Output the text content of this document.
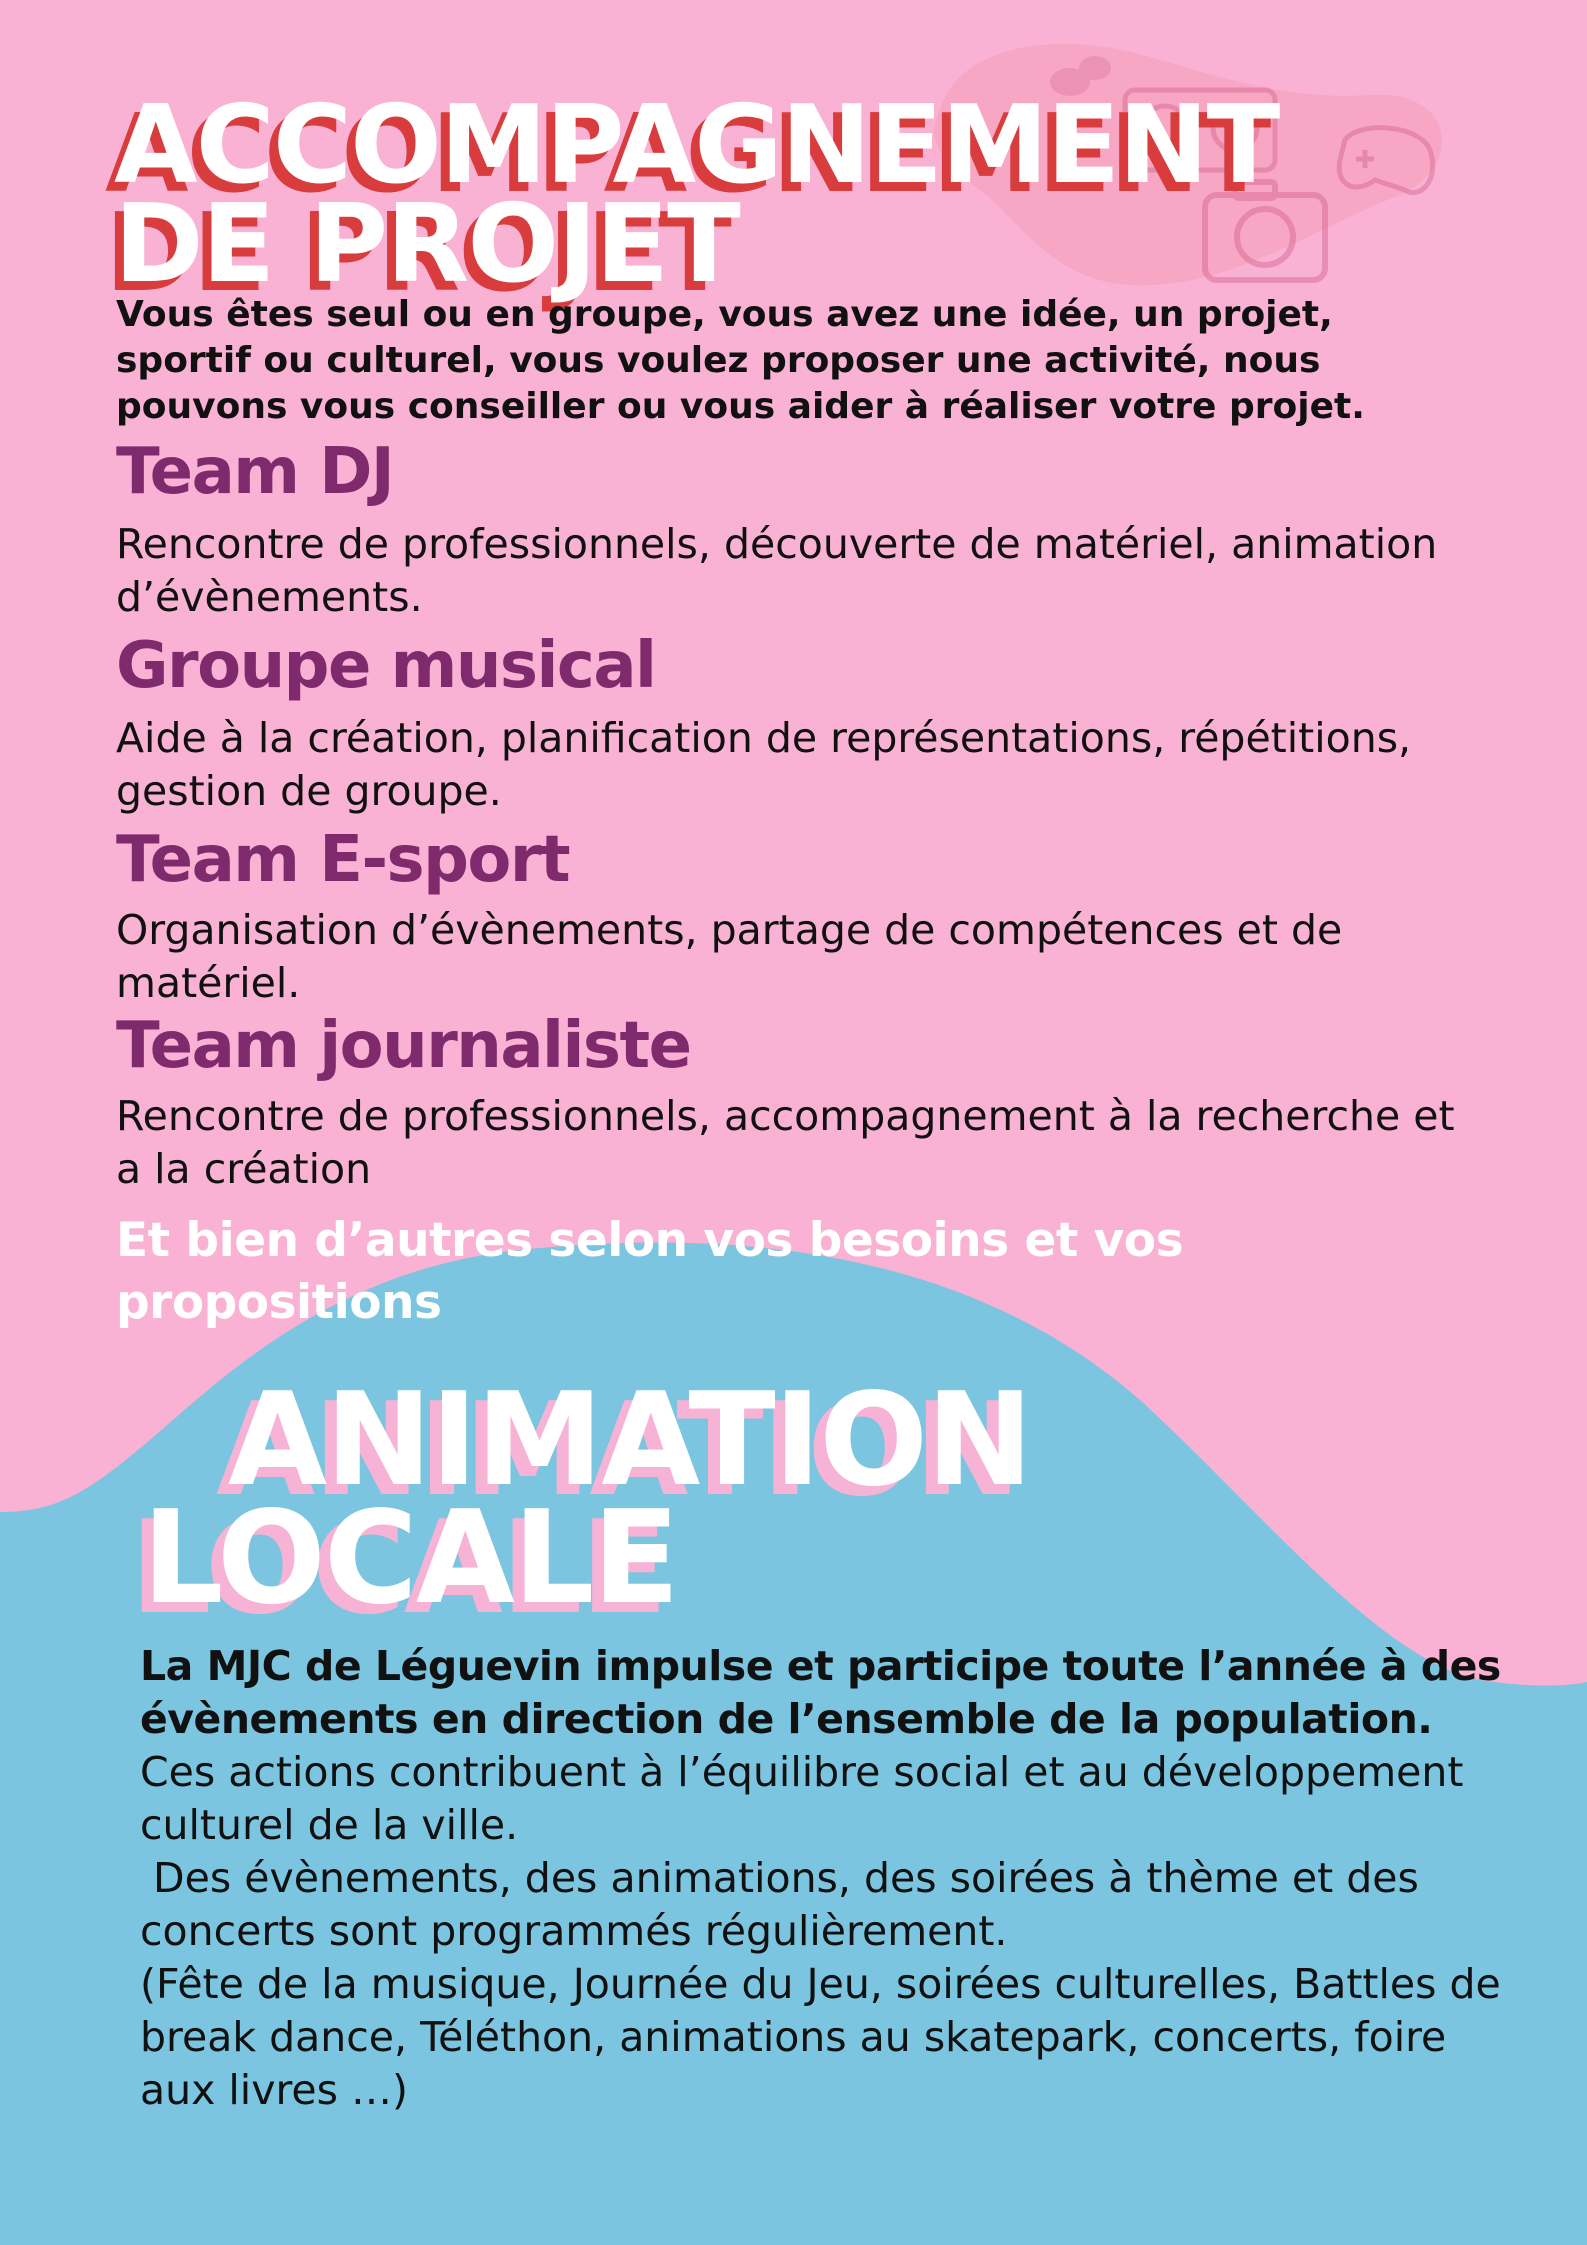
ACCOMPAGNEMENT
DE PROJET

Vous êtes seul ou en groupe, vous avez une idée, un projet, sportif ou culturel, vous voulez proposer une activité, nous pouvons vous conseiller ou vous aider à réaliser votre projet.

Team DJ

Rencontre de professionnels, découverte de matériel, animation d’évènements.

Groupe musical

Aide à la création, planification de représentations, répétitions, gestion de groupe.

Team E-sport

Organisation d’évènements, partage de compétences et de matériel.

Team journaliste

Rencontre de professionnels, accompagnement à la recherche et a la création

Et bien d’autres selon vos besoins et vos propositions

ANIMATION
LOCALE

La MJC de Léguevin impulse et participe toute l’année à des évènements en direction de l’ensemble de la population.

Ces actions contribuent à l’équilibre social et au développement culturel de la ville.

Des évènements, des animations, des soirées à thème et des concerts sont programmés régulièrement.

(Fête de la musique, Journée du Jeu, soirées culturelles, Battles de break dance, Téléthon, animations au skatepark, concerts, foire aux livres …)
